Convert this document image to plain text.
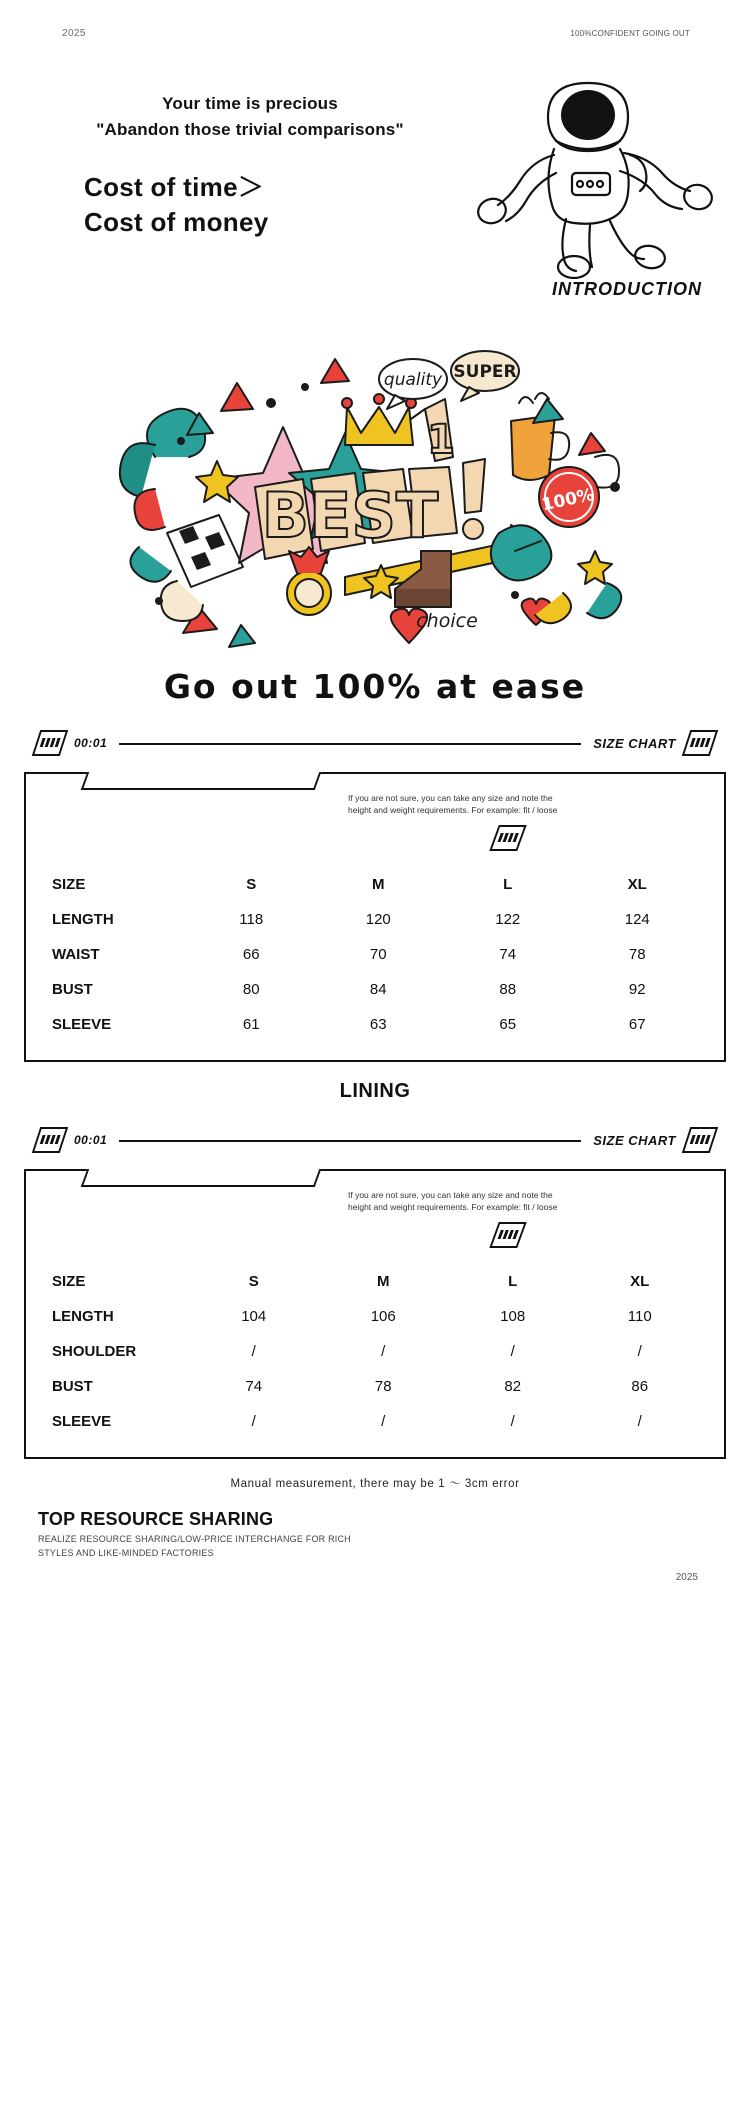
2025	100%CONFIDENT GOING OUT
Your time is precious
"Abandon those trivial comparisons"
Cost of time＞
Cost of money
INTRODUCTION
quality SUPER
BEST	100%
choice
1
Go out 100% at ease
00:01	SIZE CHART
If you are not sure, you can take any size and note the height and weight requirements. For example: fit / loose
SIZE	S	M	L	XL
LENGTH	118	120	122	124
WAIST	66	70	74	78
BUST	80	84	88	92
SLEEVE	61	63	65	67
LINING
00:01	SIZE CHART
If you are not sure, you can take any size and note the height and weight requirements. For example: fit / loose
SIZE	S	M	L	XL
LENGTH	104	106	108	110
SHOULDER	/	/	/	/
BUST	74	78	82	86
SLEEVE	/	/	/	/
Manual measurement, there may be 1 ～ 3cm error
TOP RESOURCE SHARING
REALIZE RESOURCE SHARING/LOW-PRICE INTERCHANGE FOR RICH
STYLES AND LIKE-MINDED FACTORIES
2025
